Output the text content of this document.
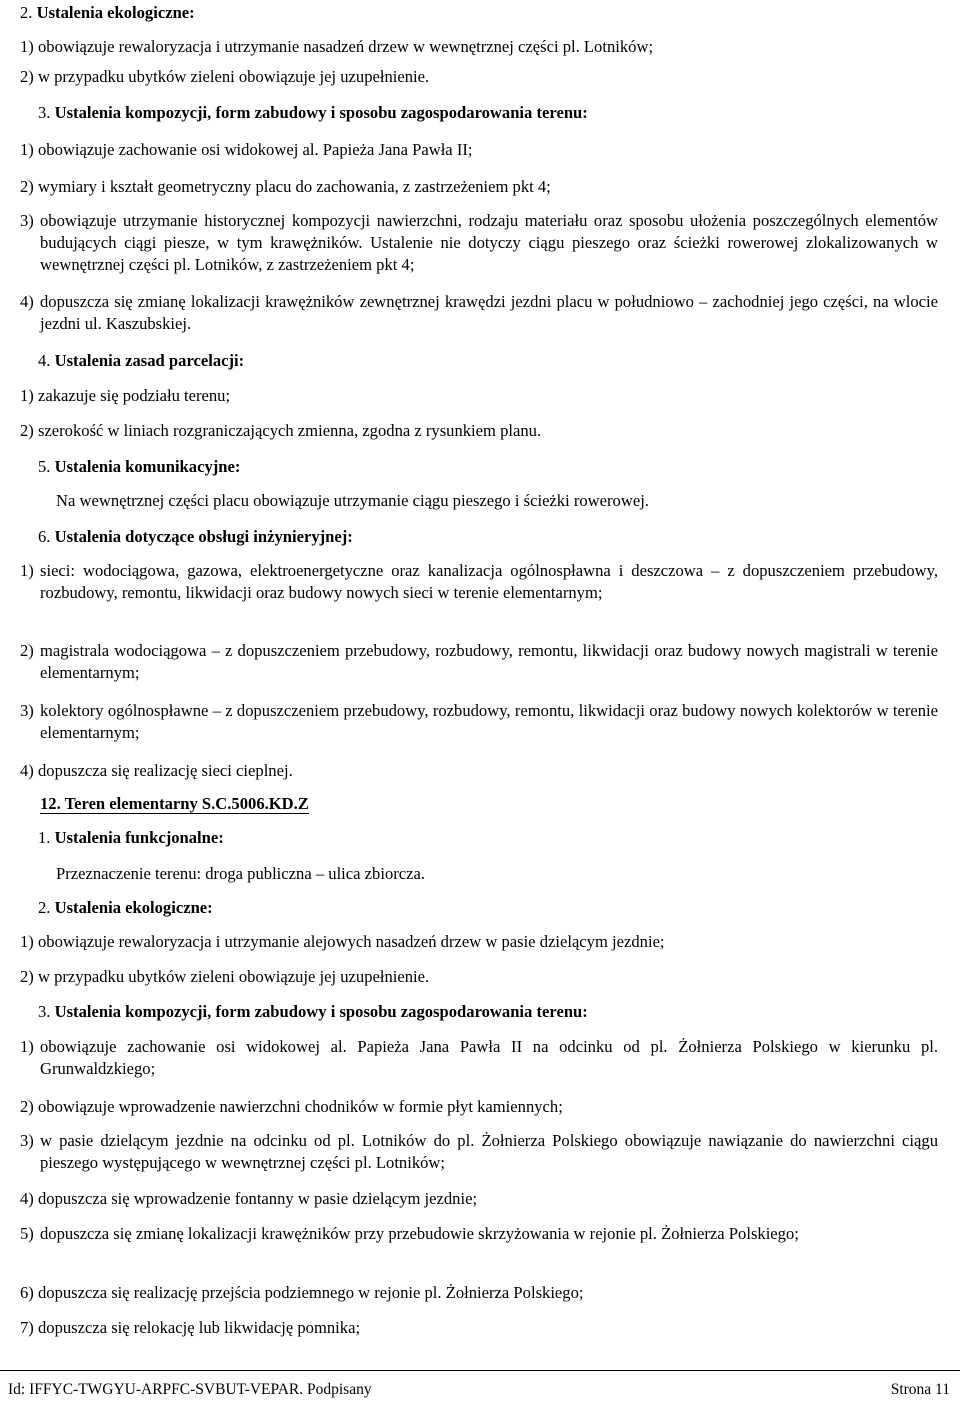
2. Ustalenia ekologiczne:
1) obowiązuje rewaloryzacja i utrzymanie nasadzeń drzew w wewnętrznej części pl. Lotników;
2) w przypadku ubytków zieleni obowiązuje jej uzupełnienie.
3. Ustalenia kompozycji, form zabudowy i sposobu zagospodarowania terenu:
1) obowiązuje zachowanie osi widokowej al. Papieża Jana Pawła II;
2) wymiary i kształt geometryczny placu do zachowania, z zastrzeżeniem pkt 4;
3) obowiązuje utrzymanie historycznej kompozycji nawierzchni, rodzaju materiału oraz sposobu ułożenia poszczególnych elementów budujących ciągi piesze, w tym krawężników. Ustalenie nie dotyczy ciągu pieszego oraz ścieżki rowerowej zlokalizowanych w wewnętrznej części pl. Lotników, z zastrzeżeniem pkt 4;
4) dopuszcza się zmianę lokalizacji krawężników zewnętrznej krawędzi jezdni placu w południowo – zachodniej jego części, na wlocie jezdni ul. Kaszubskiej.
4. Ustalenia zasad parcelacji:
1) zakazuje się podziału terenu;
2) szerokość w liniach rozgraniczających zmienna, zgodna z rysunkiem planu.
5. Ustalenia komunikacyjne:
Na wewnętrznej części placu obowiązuje utrzymanie ciągu pieszego i ścieżki rowerowej.
6. Ustalenia dotyczące obsługi inżynieryjnej:
1) sieci: wodociągowa, gazowa, elektroenergetyczne oraz kanalizacja ogólnospławna i deszczowa – z dopuszczeniem przebudowy, rozbudowy, remontu, likwidacji oraz budowy nowych sieci w terenie elementarnym;
2) magistrala wodociągowa – z dopuszczeniem przebudowy, rozbudowy, remontu, likwidacji oraz budowy nowych magistrali w terenie elementarnym;
3) kolektory ogólnospławne – z dopuszczeniem przebudowy, rozbudowy, remontu, likwidacji oraz budowy nowych kolektorów w terenie elementarnym;
4) dopuszcza się realizację sieci cieplnej.
12. Teren elementarny S.C.5006.KD.Z
1. Ustalenia funkcjonalne:
Przeznaczenie terenu: droga publiczna – ulica zbiorcza.
2. Ustalenia ekologiczne:
1) obowiązuje rewaloryzacja i utrzymanie alejowych nasadzeń drzew w pasie dzielącym jezdnie;
2) w przypadku ubytków zieleni obowiązuje jej uzupełnienie.
3. Ustalenia kompozycji, form zabudowy i sposobu zagospodarowania terenu:
1) obowiązuje zachowanie osi widokowej al. Papieża Jana Pawła II na odcinku od pl. Żołnierza Polskiego w kierunku pl. Grunwaldzkiego;
2) obowiązuje wprowadzenie nawierzchni chodników w formie płyt kamiennych;
3) w pasie dzielącym jezdnie na odcinku od pl. Lotników do pl. Żołnierza Polskiego obowiązuje nawiązanie do nawierzchni ciągu pieszego występującego w wewnętrznej części pl. Lotników;
4) dopuszcza się wprowadzenie fontanny w pasie dzielącym jezdnie;
5) dopuszcza się zmianę lokalizacji krawężników przy przebudowie skrzyżowania w rejonie pl. Żołnierza Polskiego;
6) dopuszcza się realizację przejścia podziemnego w rejonie pl. Żołnierza Polskiego;
7) dopuszcza się relokację lub likwidację pomnika;
Id: IFFYC-TWGYU-ARPFC-SVBUT-VEPAR. Podpisany	Strona 11
